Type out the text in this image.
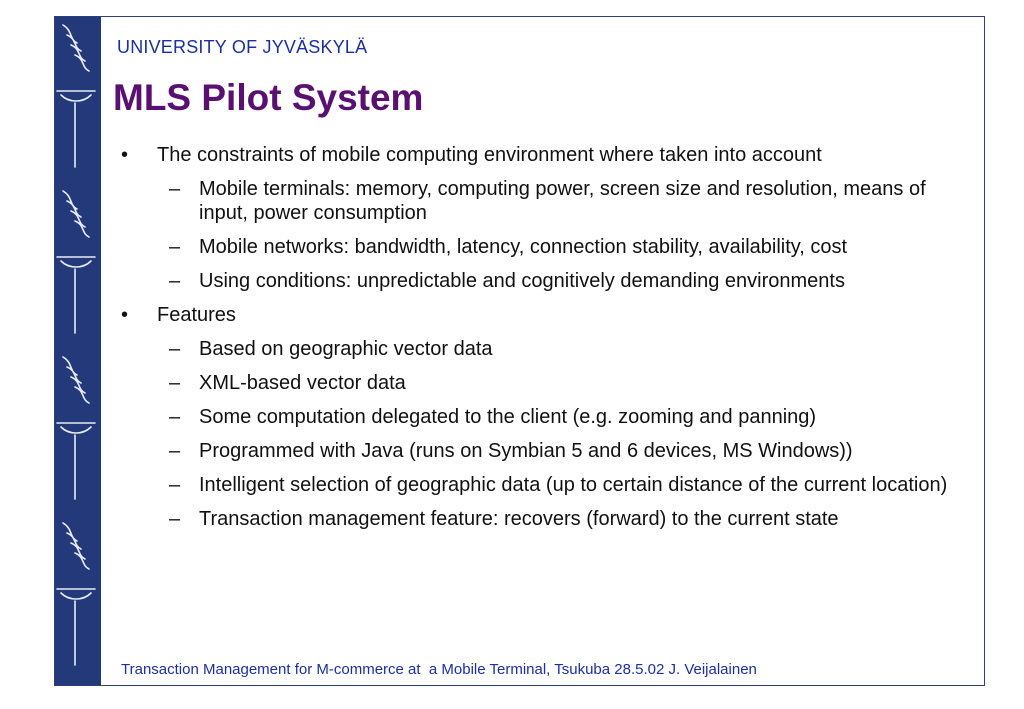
UNIVERSITY OF JYVÄSKYLÄ
MLS Pilot System
• The constraints of mobile computing environment where taken into account
– Mobile terminals: memory, computing power, screen size and resolution, means of input, power consumption
– Mobile networks: bandwidth, latency, connection stability, availability, cost
– Using conditions: unpredictable and cognitively demanding environments
• Features
– Based on geographic vector data
– XML-based vector data
– Some computation delegated to the client (e.g. zooming and panning)
– Programmed with Java (runs on Symbian 5 and 6 devices, MS Windows))
– Intelligent selection of geographic data (up to certain distance of the current location)
– Transaction management feature: recovers (forward) to the current state
Transaction Management for M-commerce at  a Mobile Terminal, Tsukuba 28.5.02 J. Veijalainen
